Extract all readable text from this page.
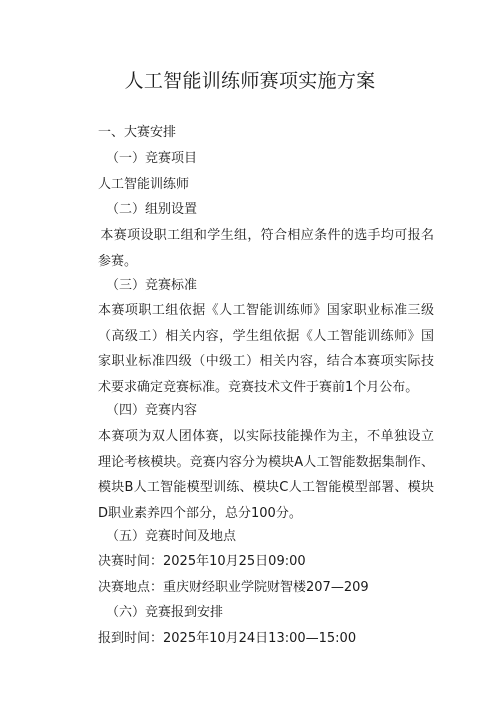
人工智能训练师赛项实施方案
一、大赛安排
（一）竞赛项目
人工智能训练师
（二）组别设置
本赛项设职工组和学生组，符合相应条件的选手均可报名参赛。
（三）竞赛标准
本赛项职工组依据《人工智能训练师》国家职业标准三级（高级工）相关内容，学生组依据《人工智能训练师》国家职业标准四级（中级工）相关内容，结合本赛项实际技术要求确定竞赛标准。竞赛技术文件于赛前1个月公布。
（四）竞赛内容
本赛项为双人团体赛，以实际技能操作为主，不单独设立理论考核模块。竞赛内容分为模块A人工智能数据集制作、模块B人工智能模型训练、模块C人工智能模型部署、模块D职业素养四个部分，总分100分。
（五）竞赛时间及地点
决赛时间：2025年10月25日09:00
决赛地点：重庆财经职业学院财智楼207—209
（六）竞赛报到安排
报到时间：2025年10月24日13:00—15:00
